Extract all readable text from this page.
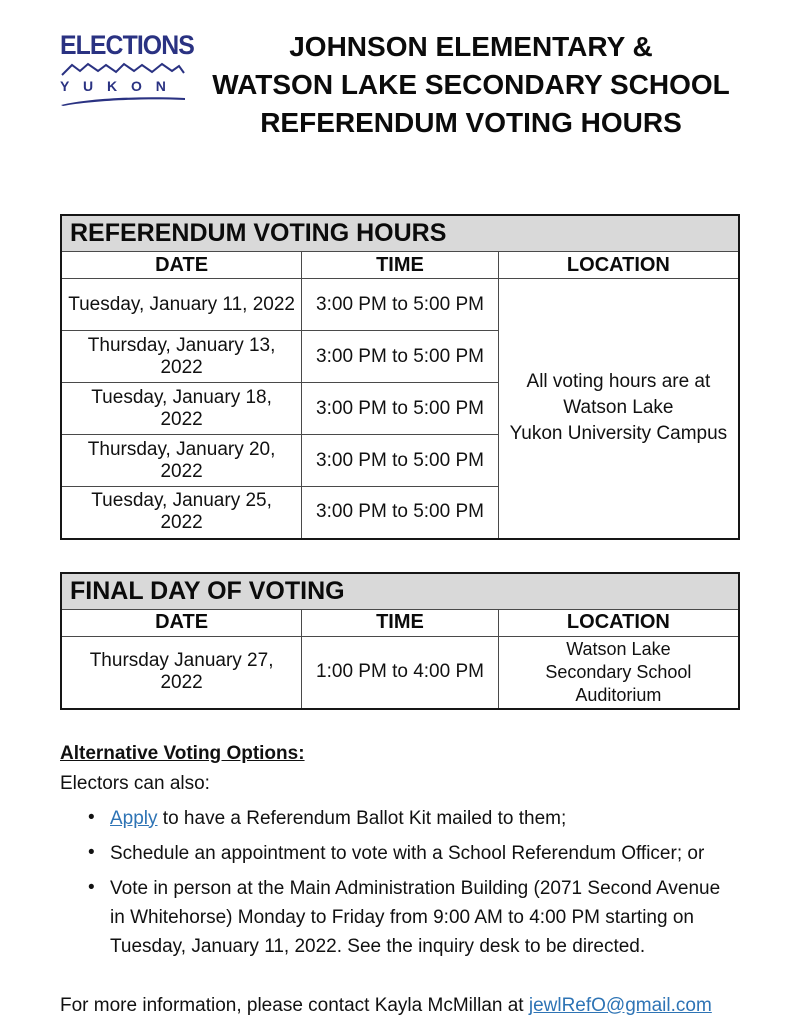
ELECTIONS
Y U K O N
JOHNSON ELEMENTARY &
WATSON LAKE SECONDARY SCHOOL
REFERENDUM VOTING HOURS
REFERENDUM VOTING HOURS		
DATE	TIME	LOCATION
Tuesday, January 11, 2022	3:00 PM to 5:00 PM	All voting hours are at
Watson Lake
Yukon University Campus

Thursday, January 13, 2022	3:00 PM to 5:00 PM	
Tuesday, January 18, 2022	3:00 PM to 5:00 PM	
Thursday, January 20, 2022	3:00 PM to 5:00 PM	
Tuesday, January 25, 2022	3:00 PM to 5:00 PM	
FINAL DAY OF VOTING		
DATE	TIME	LOCATION
Thursday January 27, 2022	1:00 PM to 4:00 PM	Watson Lake
Secondary School
Auditorium
Alternative Voting Options:
Electors can also:
• Apply to have a Referendum Ballot Kit mailed to them;
• Schedule an appointment to vote with a School Referendum Officer; or
• Vote in person at the Main Administration Building (2071 Second Avenue in Whitehorse) Monday to Friday from 9:00 AM to 4:00 PM starting on Tuesday, January 11, 2022. See the inquiry desk to be directed.
For more information, please contact Kayla McMillan at jewlRefO@gmail.com
